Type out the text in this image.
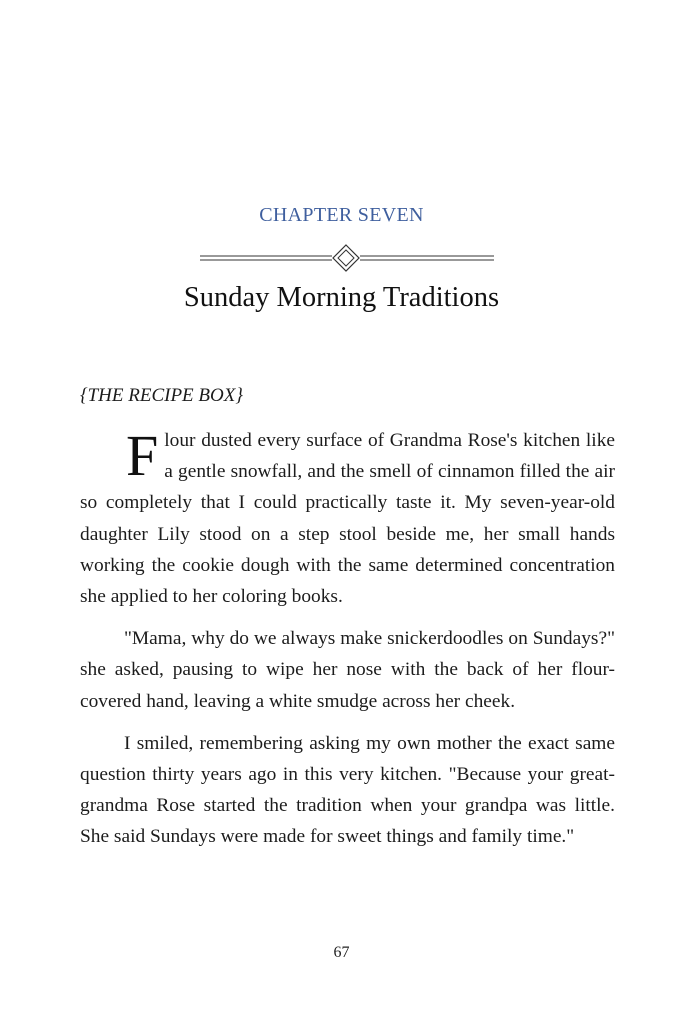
CHAPTER SEVEN
Sunday Morning Traditions
{THE RECIPE BOX}

Flour dusted every surface of Grandma Rose's kitchen like a gentle snowfall, and the smell of cinnamon filled the air so completely that I could practically taste it. My seven-year-old daughter Lily stood on a step stool beside me, her small hands working the cookie dough with the same determined concentration she applied to her coloring books.

"Mama, why do we always make snickerdoodles on Sundays?" she asked, pausing to wipe her nose with the back of her flour-covered hand, leaving a white smudge across her cheek.

I smiled, remembering asking my own mother the exact same question thirty years ago in this very kitchen. "Because your great-grandma Rose started the tradition when your grandpa was little. She said Sundays were made for sweet things and family time."

67
